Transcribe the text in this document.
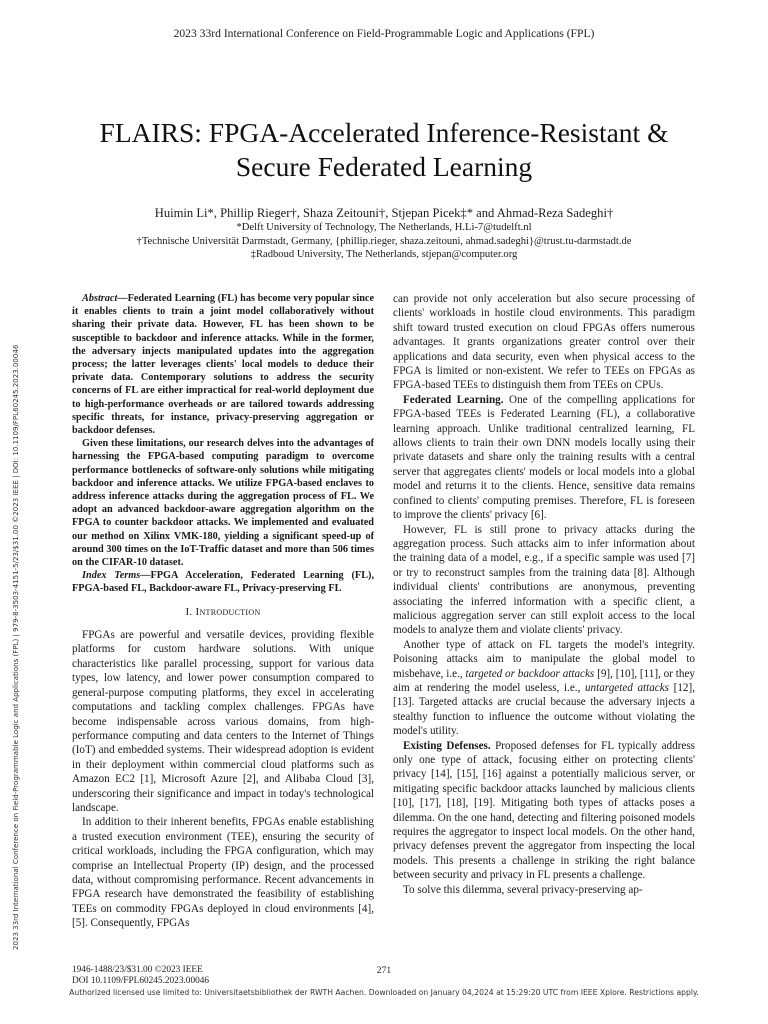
2023 33rd International Conference on Field-Programmable Logic and Applications (FPL)
FLAIRS: FPGA-Accelerated Inference-Resistant &
Secure Federated Learning
Huimin Li*, Phillip Rieger†, Shaza Zeitouni†, Stjepan Picek‡* and Ahmad-Reza Sadeghi†
*Delft University of Technology, The Netherlands, H.Li-7@tudelft.nl
†Technische Universität Darmstadt, Germany, {phillip.rieger, shaza.zeitouni, ahmad.sadeghi}@trust.tu-darmstadt.de
‡Radboud University, The Netherlands, stjepan@computer.org
2023 33rd International Conference on Field-Programmable Logic and Applications (FPL) | 979-8-3503-4151-5/23/$31.00 ©2023 IEEE | DOI: 10.1109/FPL60245.2023.00046

Abstract—Federated Learning (FL) has become very popular since it enables clients to train a joint model collaboratively without sharing their private data. However, FL has been shown to be susceptible to backdoor and inference attacks. While in the former, the adversary injects manipulated updates into the aggregation process; the latter leverages clients' local models to deduce their private data. Contemporary solutions to address the security concerns of FL are either impractical for real-world deployment due to high-performance overheads or are tailored towards addressing specific threats, for instance, privacy-preserving aggregation or backdoor defenses.

Given these limitations, our research delves into the advantages of harnessing the FPGA-based computing paradigm to overcome performance bottlenecks of software-only solutions while mitigating backdoor and inference attacks. We utilize FPGA-based enclaves to address inference attacks during the aggregation process of FL. We adopt an advanced backdoor-aware aggregation algorithm on the FPGA to counter backdoor attacks. We implemented and evaluated our method on Xilinx VMK-180, yielding a significant speed-up of around 300 times on the IoT-Traffic dataset and more than 506 times on the CIFAR-10 dataset.

Index Terms—FPGA Acceleration, Federated Learning (FL), FPGA-based FL, Backdoor-aware FL, Privacy-preserving FL

I. Introduction

FPGAs are powerful and versatile devices, providing flexible platforms for custom hardware solutions. With unique characteristics like parallel processing, support for various data types, low latency, and lower power consumption compared to general-purpose computing platforms, they excel in accelerating computations and tackling complex challenges. FPGAs have become indispensable across various domains, from high-performance computing and data centers to the Internet of Things (IoT) and embedded systems. Their widespread adoption is evident in their deployment within commercial cloud platforms such as Amazon EC2 [1], Microsoft Azure [2], and Alibaba Cloud [3], underscoring their significance and impact in today's technological landscape.

In addition to their inherent benefits, FPGAs enable establishing a trusted execution environment (TEE), ensuring the security of critical workloads, including the FPGA configuration, which may comprise an Intellectual Property (IP) design, and the processed data, without compromising performance. Recent advancements in FPGA research have demonstrated the feasibility of establishing TEEs on commodity FPGAs deployed in cloud environments [4], [5]. Consequently, FPGAs

can provide not only acceleration but also secure processing of clients' workloads in hostile cloud environments. This paradigm shift toward trusted execution on cloud FPGAs offers numerous advantages. It grants organizations greater control over their applications and data security, even when physical access to the FPGA is limited or non-existent. We refer to TEEs on FPGAs as FPGA-based TEEs to distinguish them from TEEs on CPUs.

Federated Learning. One of the compelling applications for FPGA-based TEEs is Federated Learning (FL), a collaborative learning approach. Unlike traditional centralized learning, FL allows clients to train their own DNN models locally using their private datasets and share only the training results with a central server that aggregates clients' models or local models into a global model and returns it to the clients. Hence, sensitive data remains confined to clients' computing premises. Therefore, FL is foreseen to improve the clients' privacy [6].

However, FL is still prone to privacy attacks during the aggregation process. Such attacks aim to infer information about the training data of a model, e.g., if a specific sample was used [7] or try to reconstruct samples from the training data [8]. Although individual clients' contributions are anonymous, preventing associating the inferred information with a specific client, a malicious aggregation server can still exploit access to the local models to analyze them and violate clients' privacy.

Another type of attack on FL targets the model's integrity. Poisoning attacks aim to manipulate the global model to misbehave, i.e., targeted or backdoor attacks [9], [10], [11], or they aim at rendering the model useless, i.e., untargeted attacks [12], [13]. Targeted attacks are crucial because the adversary injects a stealthy function to influence the outcome without violating the model's utility.

Existing Defenses. Proposed defenses for FL typically address only one type of attack, focusing either on protecting clients' privacy [14], [15], [16] against a potentially malicious server, or mitigating specific backdoor attacks launched by malicious clients [10], [17], [18], [19]. Mitigating both types of attacks poses a dilemma. On the one hand, detecting and filtering poisoned models requires the aggregator to inspect local models. On the other hand, privacy defenses prevent the aggregator from inspecting the local models. This presents a challenge in striking the right balance between security and privacy in FL presents a challenge.

To solve this dilemma, several privacy-preserving ap-

1946-1488/23/$31.00 ©2023 IEEE
DOI 10.1109/FPL60245.2023.00046
271
Authorized licensed use limited to: Universitaetsbibliothek der RWTH Aachen. Downloaded on January 04,2024 at 15:29:20 UTC from IEEE Xplore. Restrictions apply.
